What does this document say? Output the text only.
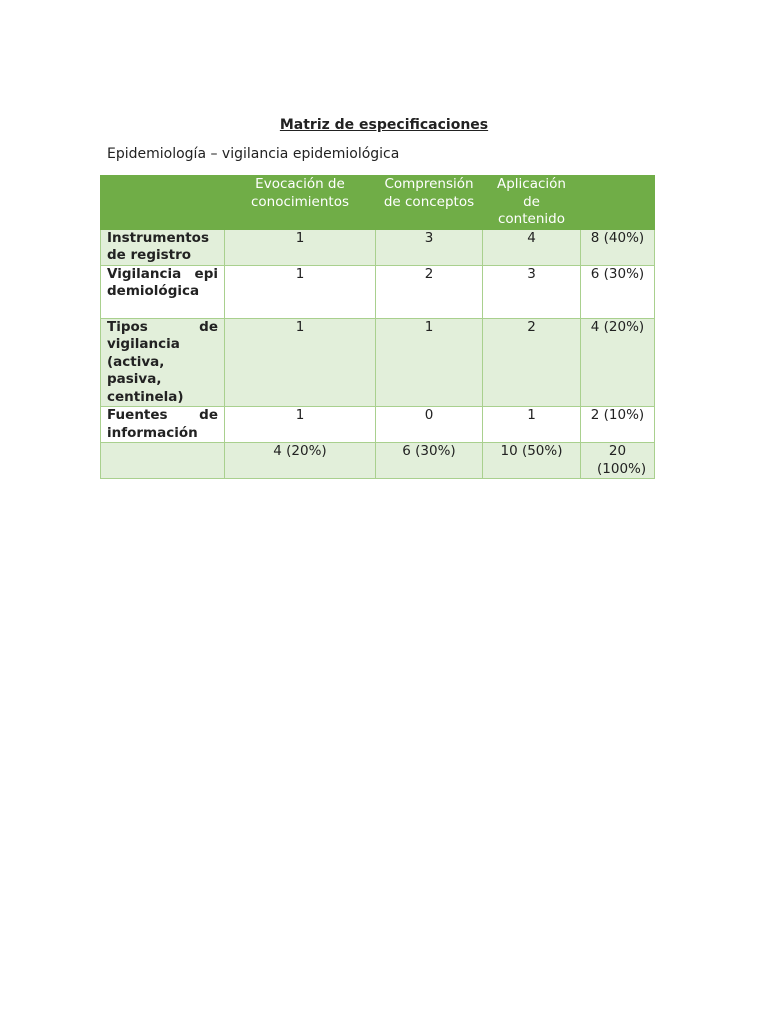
Matriz de especificaciones

Epidemiología – vigilancia epidemiológica

	Evocación de conocimientos	Comprensión de conceptos	Aplicación de contenido	
Instrumentos de registro	1	3	4	8 (40%)
Vigilancia epidemiológica	1	2	3	6 (30%)
Tipos de vigilancia (activa, pasiva, centinela)	1	1	2	4 (20%)
Fuentes de información	1	0	1	2 (10%)
	4 (20%)	6 (30%)	10 (50%)	20 (100%)
